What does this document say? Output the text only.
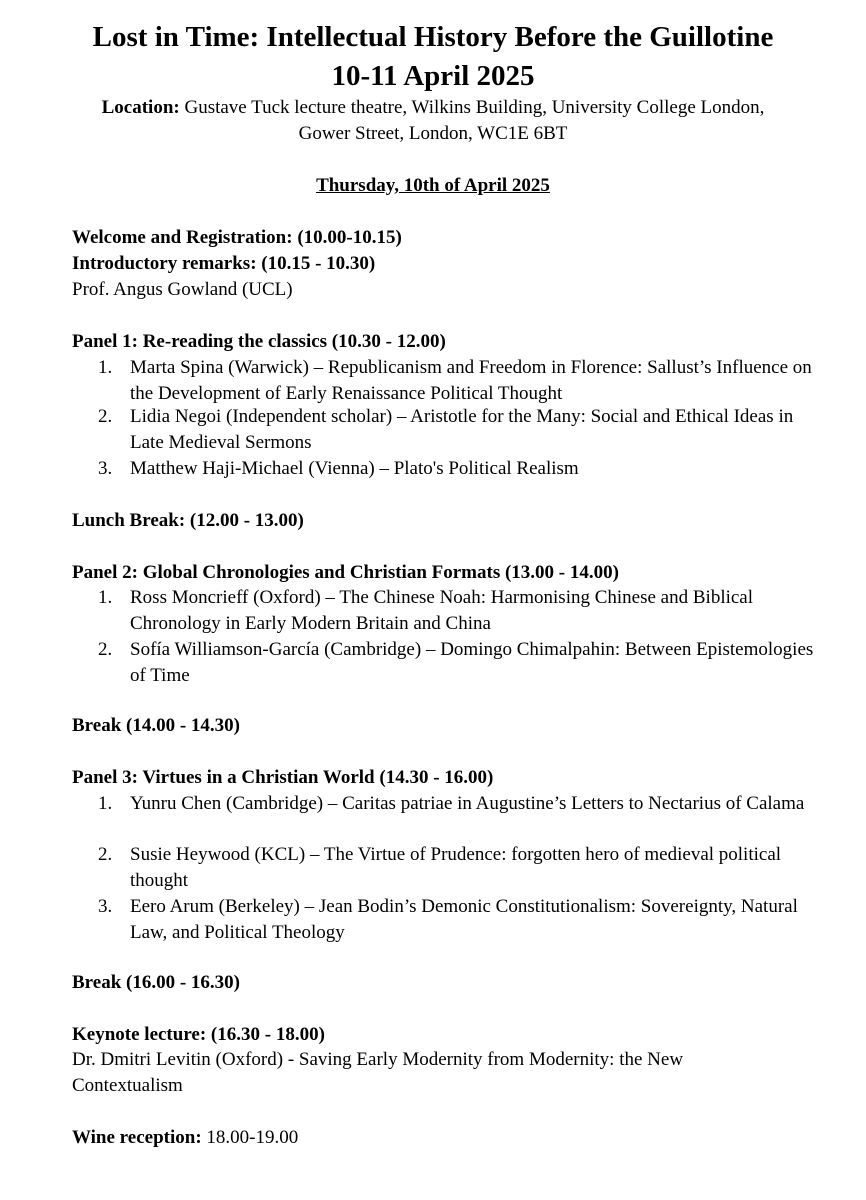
Lost in Time: Intellectual History Before the Guillotine
10-11 April 2025
Location: Gustave Tuck lecture theatre, Wilkins Building, University College London,
Gower Street, London, WC1E 6BT
Thursday, 10th of April 2025
Welcome and Registration: (10.00-10.15)
Introductory remarks: (10.15 - 10.30)
Prof. Angus Gowland (UCL)
Panel 1: Re-reading the classics (10.30 - 12.00)
1. Marta Spina (Warwick) – Republicanism and Freedom in Florence: Sallust’s Influence on the Development of Early Renaissance Political Thought
2. Lidia Negoi (Independent scholar) – Aristotle for the Many: Social and Ethical Ideas in Late Medieval Sermons
3. Matthew Haji-Michael (Vienna) – Plato's Political Realism
Lunch Break: (12.00 - 13.00)
Panel 2: Global Chronologies and Christian Formats (13.00 - 14.00)
1. Ross Moncrieff (Oxford) – The Chinese Noah: Harmonising Chinese and Biblical Chronology in Early Modern Britain and China
2. Sofía Williamson-García (Cambridge) – Domingo Chimalpahin: Between Epistemologies of Time
Break (14.00 - 14.30)
Panel 3: Virtues in a Christian World (14.30 - 16.00)
1. Yunru Chen (Cambridge) – Caritas patriae in Augustine’s Letters to Nectarius of Calama
2. Susie Heywood (KCL) – The Virtue of Prudence: forgotten hero of medieval political thought
3. Eero Arum (Berkeley) – Jean Bodin’s Demonic Constitutionalism: Sovereignty, Natural Law, and Political Theology
Break (16.00 - 16.30)
Keynote lecture: (16.30 - 18.00)
Dr. Dmitri Levitin (Oxford) - Saving Early Modernity from Modernity: the New Contextualism
Wine reception: 18.00-19.00
